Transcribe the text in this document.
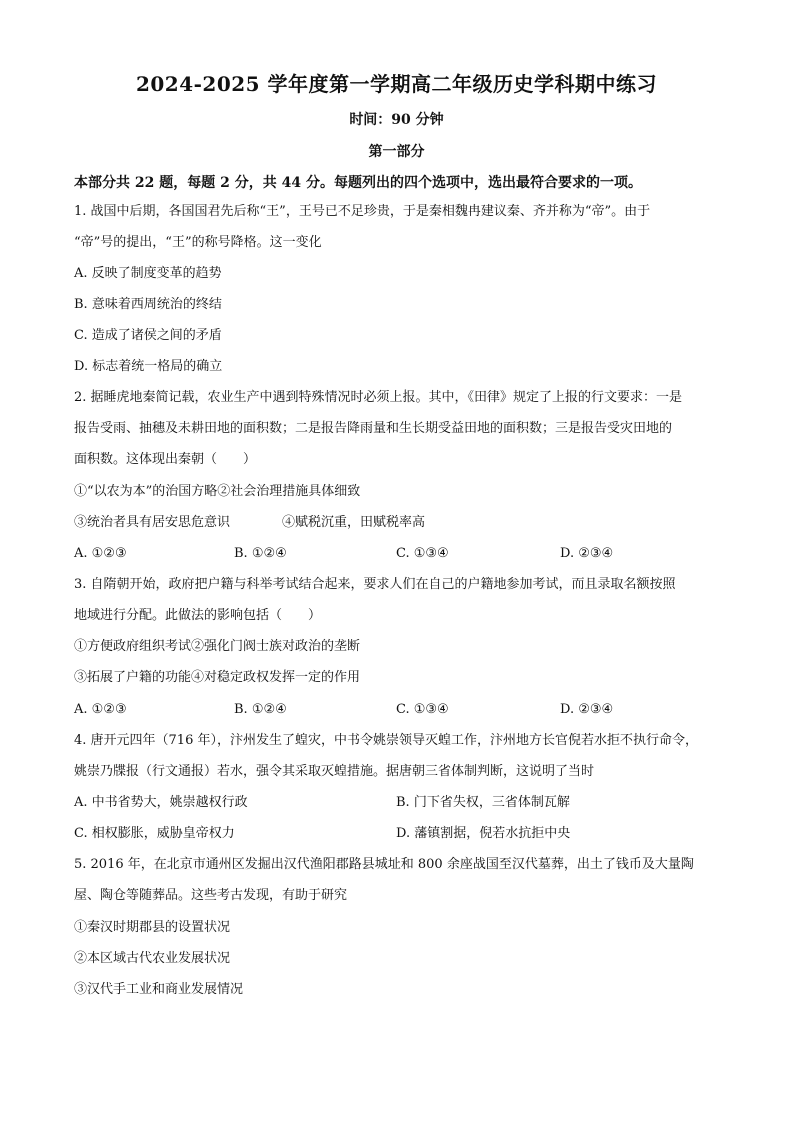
2024-2025 学年度第一学期高二年级历史学科期中练习
时间：90 分钟
第一部分
本部分共 22 题，每题 2 分，共 44 分。每题列出的四个选项中，选出最符合要求的一项。
1. 战国中后期，各国国君先后称“王”，王号已不足珍贵，于是秦相魏冉建议秦、齐并称为“帝”。由于
“帝”号的提出，“王”的称号降格。这一变化
A. 反映了制度变革的趋势
B. 意味着西周统治的终结
C. 造成了诸侯之间的矛盾
D. 标志着统一格局的确立
2. 据睡虎地秦简记载，农业生产中遇到特殊情况时必须上报。其中，《田律》规定了上报的行文要求：一是
报告受雨、抽穗及未耕田地的面积数；二是报告降雨量和生长期受益田地的面积数；三是报告受灾田地的
面积数。这体现出秦朝（　　）
①“以农为本”的治国方略②社会治理措施具体细致
③统治者具有居安思危意识	④赋税沉重，田赋税率高
A. ①②③	B. ①②④	C. ①③④	D. ②③④
3. 自隋朝开始，政府把户籍与科举考试结合起来，要求人们在自己的户籍地参加考试，而且录取名额按照
地域进行分配。此做法的影响包括（　　）
①方便政府组织考试②强化门阀士族对政治的垄断
③拓展了户籍的功能④对稳定政权发挥一定的作用
A. ①②③	B. ①②④	C. ①③④	D. ②③④
4. 唐开元四年（716 年），汴州发生了蝗灾，中书令姚崇领导灭蝗工作，汴州地方长官倪若水拒不执行命令，
姚崇乃牒报（行文通报）若水，强令其采取灭蝗措施。据唐朝三省体制判断，这说明了当时
A. 中书省势大，姚崇越权行政	B. 门下省失权，三省体制瓦解
C. 相权膨胀，威胁皇帝权力	D. 藩镇割据，倪若水抗拒中央
5. 2016 年，在北京市通州区发掘出汉代渔阳郡路县城址和 800 余座战国至汉代墓葬，出土了钱币及大量陶
屋、陶仓等随葬品。这些考古发现，有助于研究
①秦汉时期郡县的设置状况
②本区域古代农业发展状况
③汉代手工业和商业发展情况
